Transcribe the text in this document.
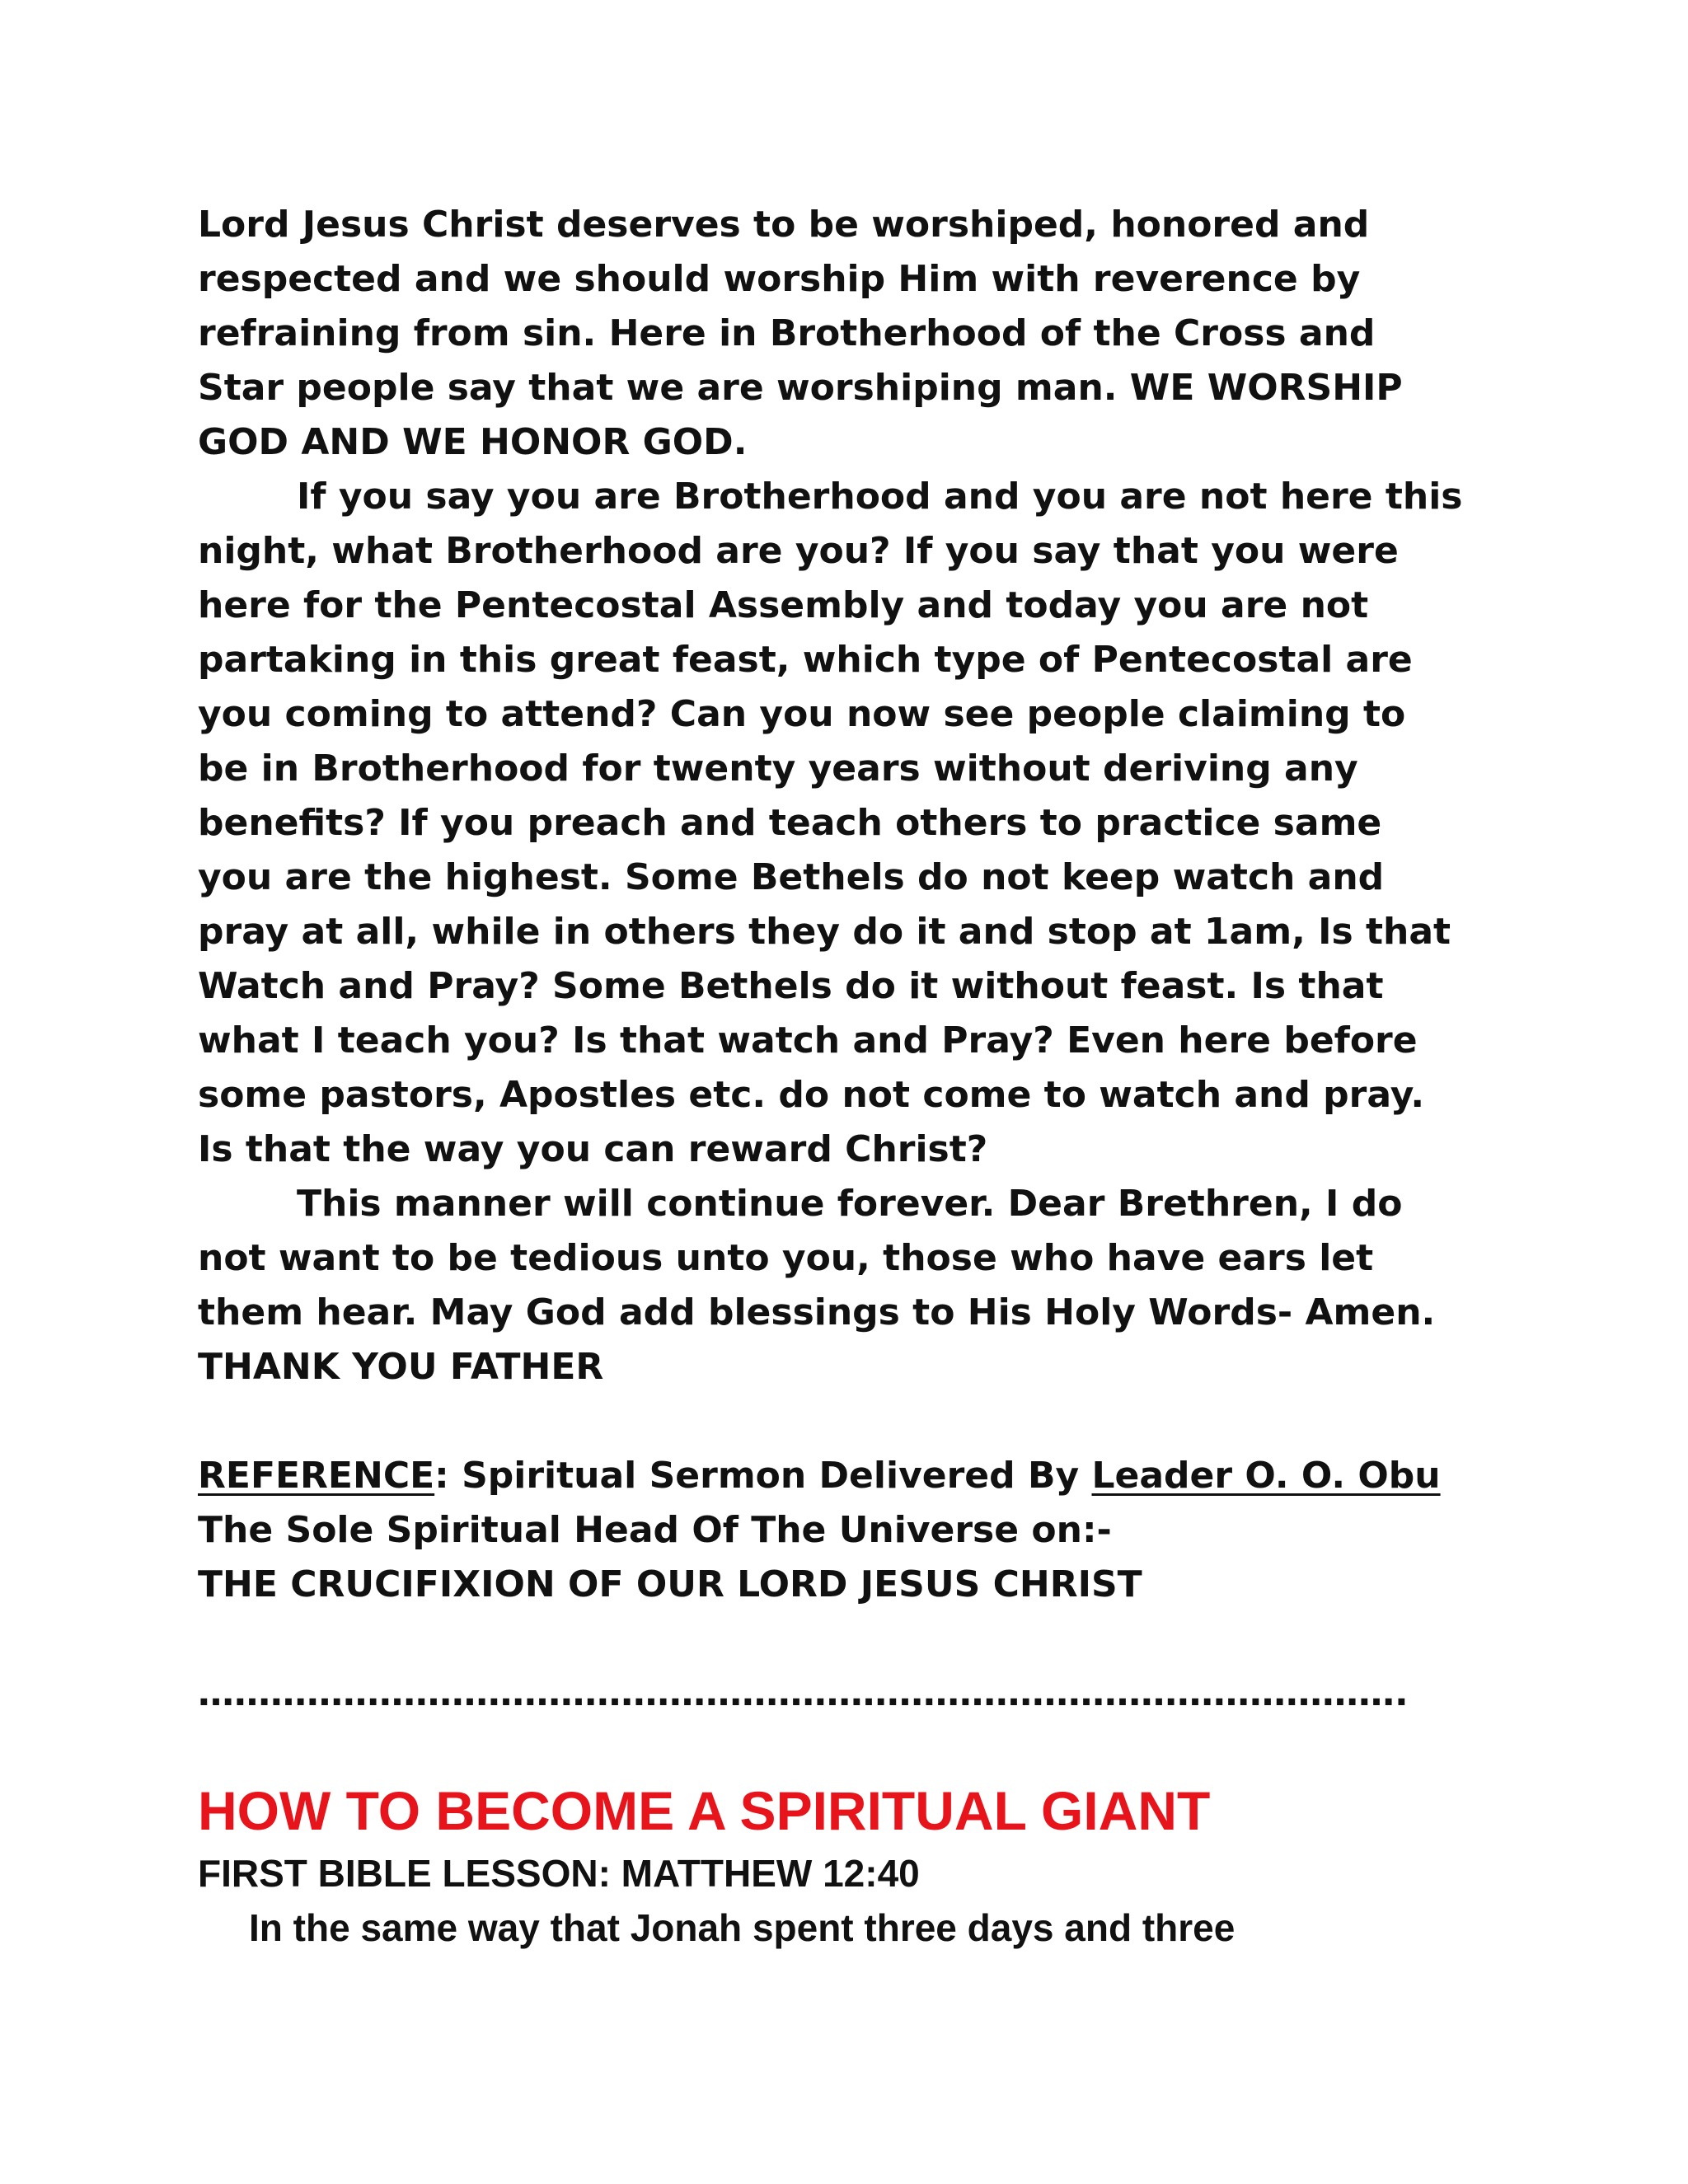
Lord Jesus Christ deserves to be worshiped, honored and
respected and we should worship Him with reverence by
refraining from sin. Here in Brotherhood of the Cross and
Star people say that we are worshiping man. WE WORSHIP
GOD AND WE HONOR GOD.
If you say you are Brotherhood and you are not here this
night, what Brotherhood are you? If you say that you were
here for the Pentecostal Assembly and today you are not
partaking in this great feast, which type of Pentecostal are
you coming to attend? Can you now see people claiming to
be in Brotherhood for twenty years without deriving any
benefits? If you preach and teach others to practice same
you are the highest. Some Bethels do not keep watch and
pray at all, while in others they do it and stop at 1am, Is that
Watch and Pray? Some Bethels do it without feast. Is that
what I teach you? Is that watch and Pray? Even here before
some pastors, Apostles etc. do not come to watch and pray.
Is that the way you can reward Christ?
This manner will continue forever. Dear Brethren, I do
not want to be tedious unto you, those who have ears let
them hear. May God add blessings to His Holy Words- Amen.
THANK YOU FATHER
REFERENCE: Spiritual Sermon Delivered By Leader O. O. Obu
The Sole Spiritual Head Of The Universe on:-
THE CRUCIFIXION OF OUR LORD JESUS CHRIST
……………………………………………………………………………………….
HOW TO BECOME A SPIRITUAL GIANT
FIRST BIBLE LESSON: MATTHEW 12:40
In the same way that Jonah spent three days and three
